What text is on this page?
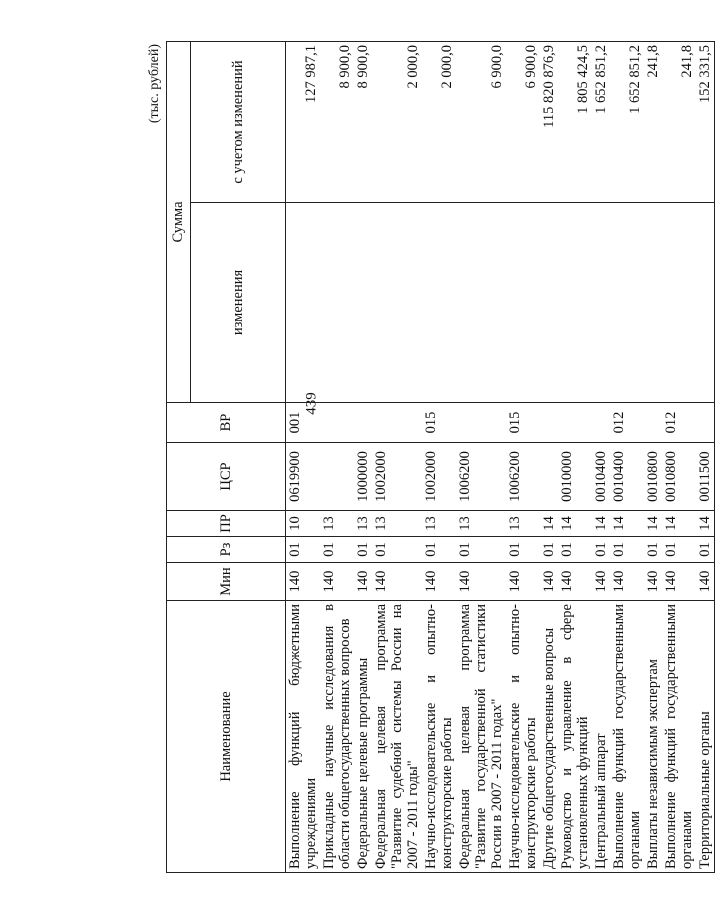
439
(тыс. рублей)
Наименование	Мин	Рз	ПР	ЦСР	ВР	Сумма	
						изменения	с учетом изменений
Выполнение функций бюджетными учреждениями	140	01	10	0619900	001		127 987,1
Прикладные научные исследования в области общегосударственных вопросов	140	01	13				8 900,0
Федеральные целевые программы	140	01	13	1000000			8 900,0
Федеральная целевая программа "Развитие судебной системы России на 2007 - 2011 годы"	140	01	13	1002000			2 000,0
Научно-исследовательские и опытно-конструкторские работы	140	01	13	1002000	015		2 000,0
Федеральная целевая программа "Развитие государственной статистики России в 2007 - 2011 годах"	140	01	13	1006200			6 900,0
Научно-исследовательские и опытно-конструкторские работы	140	01	13	1006200	015		6 900,0
Другие общегосударственные вопросы	140	01	14				115 820 876,9
Руководство и управление в сфере установленных функций	140	01	14	0010000			1 805 424,5
Центральный аппарат	140	01	14	0010400			1 652 851,2
Выполнение функций государственными органами	140	01	14	0010400	012		1 652 851,2
Выплаты независимым экспертам	140	01	14	0010800			241,8
Выполнение функций государственными органами	140	01	14	0010800	012		241,8
Территориальные органы	140	01	14	0011500			152 331,5
